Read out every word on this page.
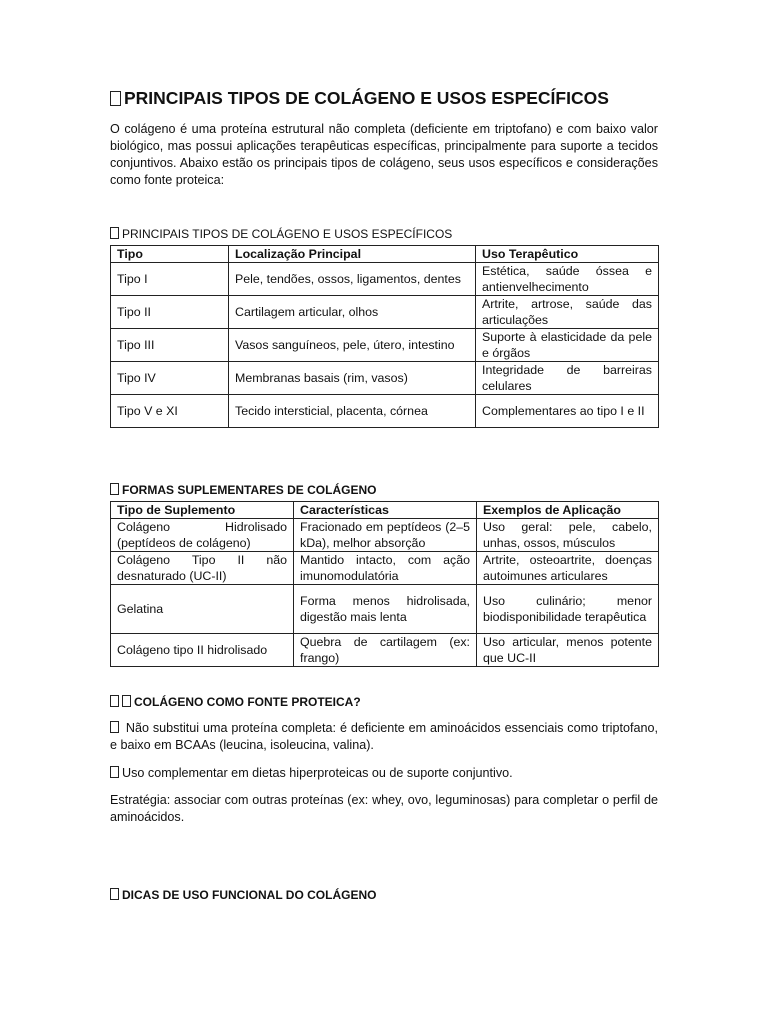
PRINCIPAIS TIPOS DE COLÁGENO E USOS ESPECÍFICOS

O colágeno é uma proteína estrutural não completa (deficiente em triptofano) e com baixo valor biológico, mas possui aplicações terapêuticas específicas, principalmente para suporte a tecidos conjuntivos. Abaixo estão os principais tipos de colágeno, seus usos específicos e considerações como fonte proteica:

PRINCIPAIS TIPOS DE COLÁGENO E USOS ESPECÍFICOS
Tipo	Localização Principal	Uso Terapêutico
Tipo I	Pele, tendões, ossos, ligamentos, dentes	Estética, saúde óssea e antienvelhecimento
Tipo II	Cartilagem articular, olhos	Artrite, artrose, saúde das articulações
Tipo III	Vasos sanguíneos, pele, útero, intestino	Suporte à elasticidade da pele e órgãos
Tipo IV	Membranas basais (rim, vasos)	Integridade de barreiras celulares
Tipo V e XI	Tecido intersticial, placenta, córnea	Complementares ao tipo I e II
FORMAS SUPLEMENTARES DE COLÁGENO
Tipo de Suplemento	Características	Exemplos de Aplicação
Colágeno Hidrolisado (peptídeos de colágeno)	Fracionado em peptídeos (2–5 kDa), melhor absorção	Uso geral: pele, cabelo, unhas, ossos, músculos
Colágeno Tipo II não desnaturado (UC-II)	Mantido intacto, com ação imunomodulatória	Artrite, osteoartrite, doenças autoimunes articulares
Gelatina	Forma menos hidrolisada, digestão mais lenta	Uso culinário; menor biodisponibilidade terapêutica
Colágeno tipo II hidrolisado	Quebra de cartilagem (ex: frango)	Uso articular, menos potente que UC-II
COLÁGENO COMO FONTE PROTEICA?

Não substitui uma proteína completa: é deficiente em aminoácidos essenciais como triptofano, e baixo em BCAAs (leucina, isoleucina, valina).

Uso complementar em dietas hiperproteicas ou de suporte conjuntivo.

Estratégia: associar com outras proteínas (ex: whey, ovo, leguminosas) para completar o perfil de aminoácidos.

DICAS DE USO FUNCIONAL DO COLÁGENO
